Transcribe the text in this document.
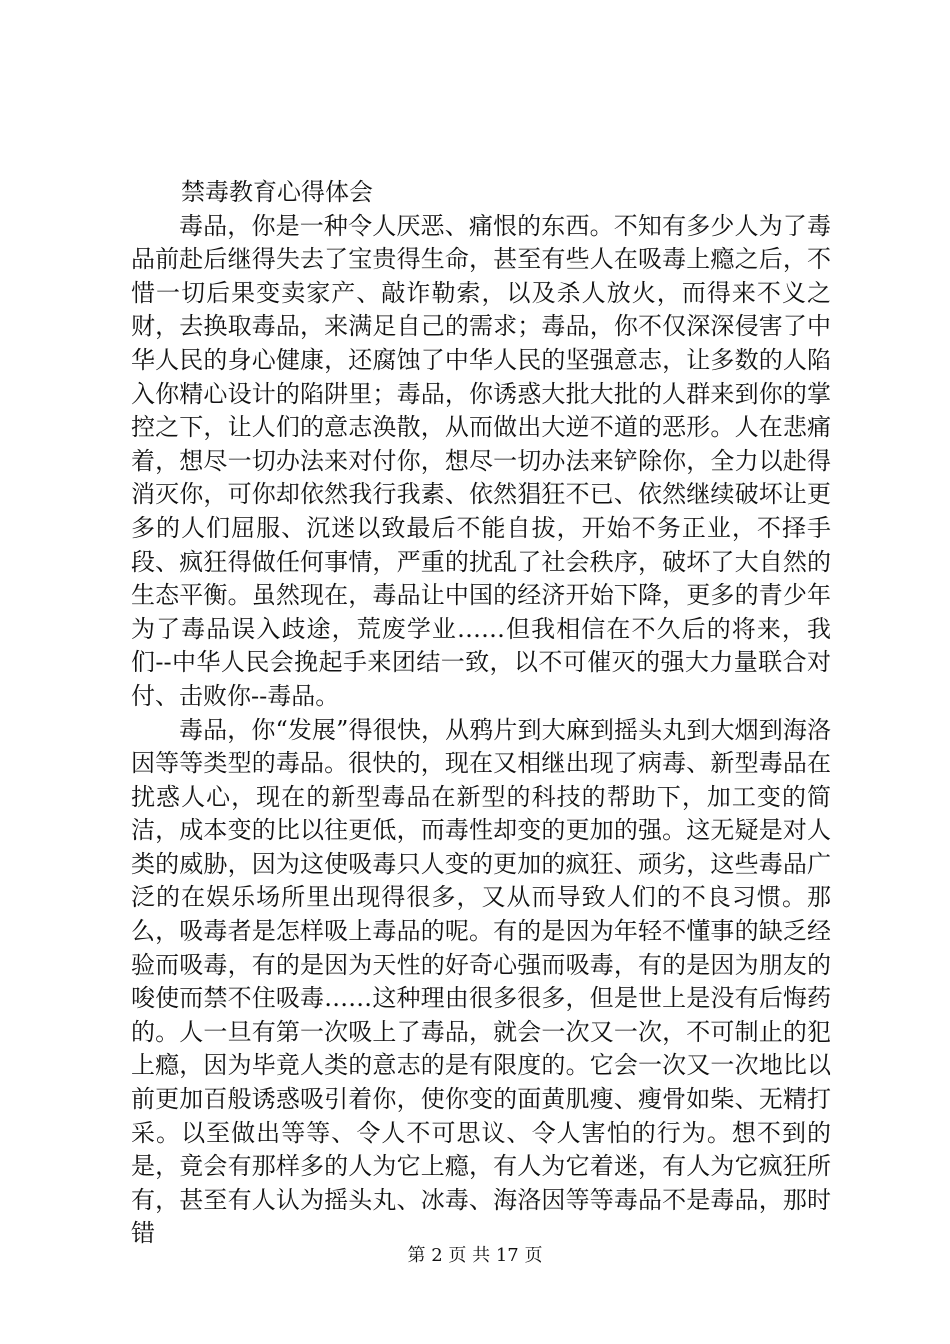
禁毒教育心得体会

毒品，你是一种令人厌恶、痛恨的东西。不知有多少人为了毒品前赴后继得失去了宝贵得生命，甚至有些人在吸毒上瘾之后，不惜一切后果变卖家产、敲诈勒索，以及杀人放火，而得来不义之财，去换取毒品，来满足自己的需求；毒品，你不仅深深侵害了中华人民的身心健康，还腐蚀了中华人民的坚强意志，让多数的人陷入你精心设计的陷阱里；毒品，你诱惑大批大批的人群来到你的掌控之下，让人们的意志涣散，从而做出大逆不道的恶形。人在悲痛着，想尽一切办法来对付你，想尽一切办法来铲除你，全力以赴得消灭你，可你却依然我行我素、依然猖狂不已、依然继续破坏让更多的人们屈服、沉迷以致最后不能自拔，开始不务正业，不择手段、疯狂得做任何事情，严重的扰乱了社会秩序，破坏了大自然的生态平衡。虽然现在，毒品让中国的经济开始下降，更多的青少年为了毒品误入歧途，荒废学业……但我相信在不久后的将来，我们--中华人民会挽起手来团结一致，以不可催灭的强大力量联合对付、击败你--毒品。

毒品，你“发展”得很快，从鸦片到大麻到摇头丸到大烟到海洛因等等类型的毒品。很快的，现在又相继出现了病毒、新型毒品在扰惑人心，现在的新型毒品在新型的科技的帮助下，加工变的简洁，成本变的比以往更低，而毒性却变的更加的强。这无疑是对人类的威胁，因为这使吸毒只人变的更加的疯狂、顽劣，这些毒品广泛的在娱乐场所里出现得很多，又从而导致人们的不良习惯。那么，吸毒者是怎样吸上毒品的呢。有的是因为年轻不懂事的缺乏经验而吸毒，有的是因为天性的好奇心强而吸毒，有的是因为朋友的唆使而禁不住吸毒……这种理由很多很多，但是世上是没有后悔药的。人一旦有第一次吸上了毒品，就会一次又一次，不可制止的犯上瘾，因为毕竟人类的意志的是有限度的。它会一次又一次地比以前更加百般诱惑吸引着你，使你变的面黄肌瘦、瘦骨如柴、无精打采。以至做出等等、令人不可思议、令人害怕的行为。想不到的是，竟会有那样多的人为它上瘾，有人为它着迷，有人为它疯狂所有，甚至有人认为摇头丸、冰毒、海洛因等等毒品不是毒品，那时错

第 2 页 共 17 页
